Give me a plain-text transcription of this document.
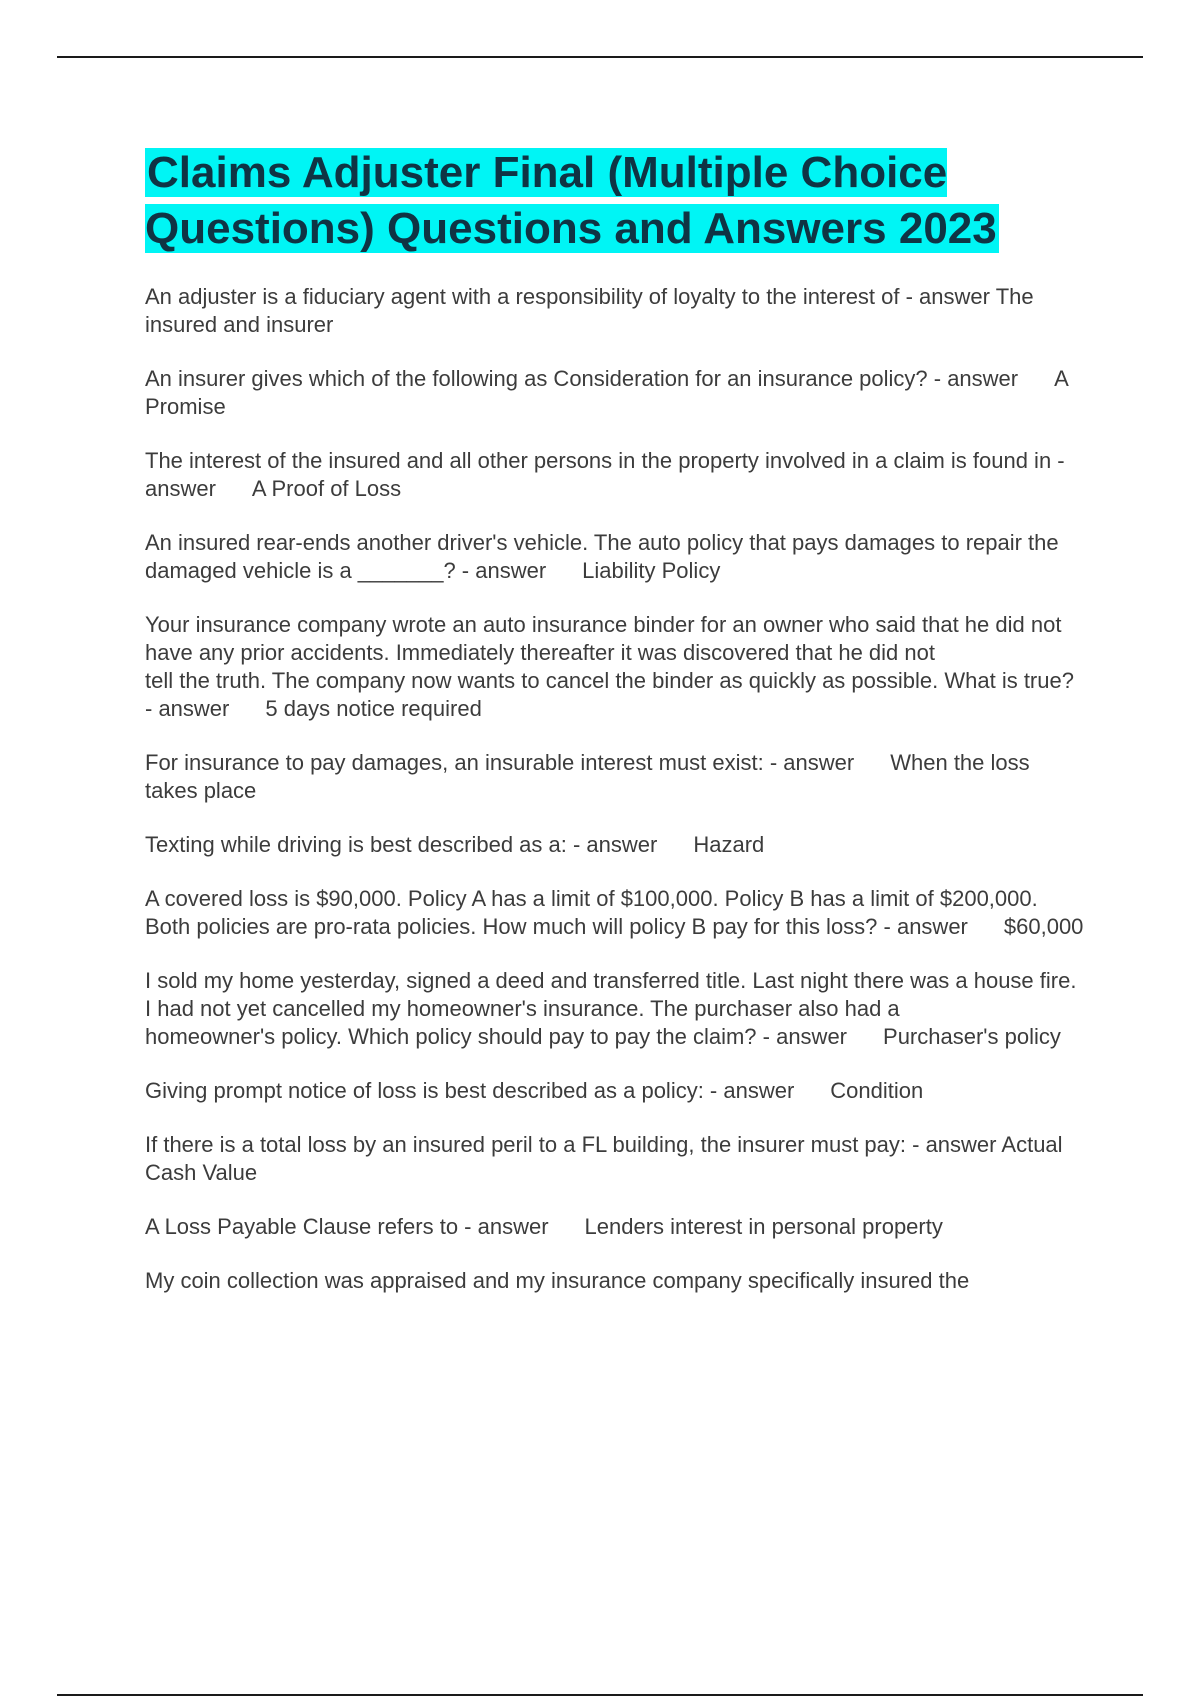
Claims Adjuster Final (Multiple Choice Questions) Questions and Answers 2023

An adjuster is a fiduciary agent with a responsibility of loyalty to the interest of - answer The insured and insurer

An insurer gives which of the following as Consideration for an insurance policy? - answer A Promise

The interest of the insured and all other persons in the property involved in a claim is found in - answer A Proof of Loss

An insured rear-ends another driver's vehicle. The auto policy that pays damages to repair the damaged vehicle is a _______? - answer Liability Policy

Your insurance company wrote an auto insurance binder for an owner who said that he did not have any prior accidents. Immediately thereafter it was discovered that he did not
tell the truth. The company now wants to cancel the binder as quickly as possible. What is true? - answer 5 days notice required

For insurance to pay damages, an insurable interest must exist: - answer When the loss takes place

Texting while driving is best described as a: - answer Hazard

A covered loss is $90,000. Policy A has a limit of $100,000. Policy B has a limit of $200,000. Both policies are pro-rata policies. How much will policy B pay for this loss? - answer $60,000

I sold my home yesterday, signed a deed and transferred title. Last night there was a house fire. I had not yet cancelled my homeowner's insurance. The purchaser also had a
homeowner's policy. Which policy should pay to pay the claim? - answer Purchaser's policy

Giving prompt notice of loss is best described as a policy: - answer Condition

If there is a total loss by an insured peril to a FL building, the insurer must pay: - answer Actual Cash Value

A Loss Payable Clause refers to - answer Lenders interest in personal property

My coin collection was appraised and my insurance company specifically insured the
